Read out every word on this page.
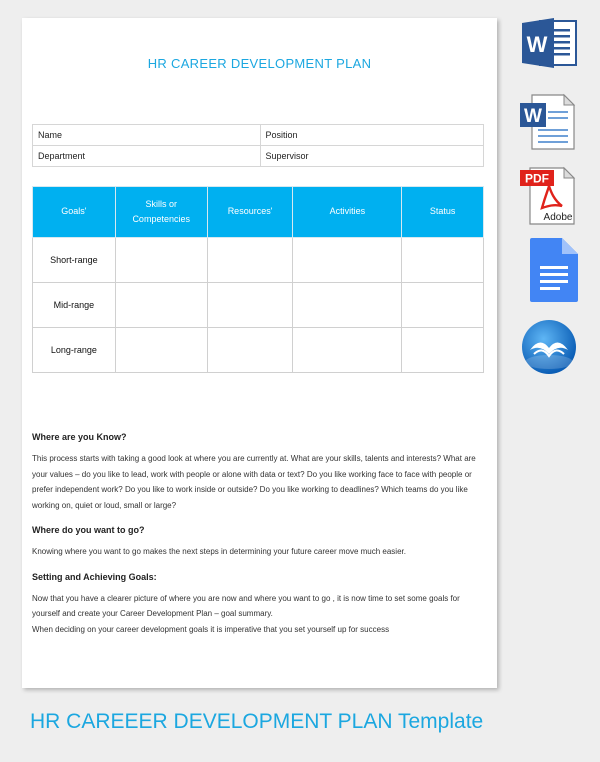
HR CAREER DEVELOPMENT PLAN
Name	Position
Department	Supervisor
Goals'	Skills or Competencies	Resources'	Activities	Status
Short-range				
Mid-range				
Long-range				
Where are you Know?

This process starts with taking a good look at where you are currently at. What are your skills, talents and interests? What are your values – do you like to lead, work with people or alone with data or text? Do you like working face to face with people or prefer independent work? Do you like to work inside or outside? Do you like working to deadlines? Which teams do you like working on, quiet or loud, small or large?

Where do you want to go?

Knowing where you want to go makes the next steps in determining your future career move much easier.

Setting and Achieving Goals:

Now that you have a clearer picture of where you are now and where you want to go , it is now time to set some goals for yourself and create your Career Development Plan – goal summary.

When deciding on your career development goals it is imperative that you set yourself up for success

W
W
PDF
Adobe
HR CAREEER DEVELOPMENT PLAN Template
